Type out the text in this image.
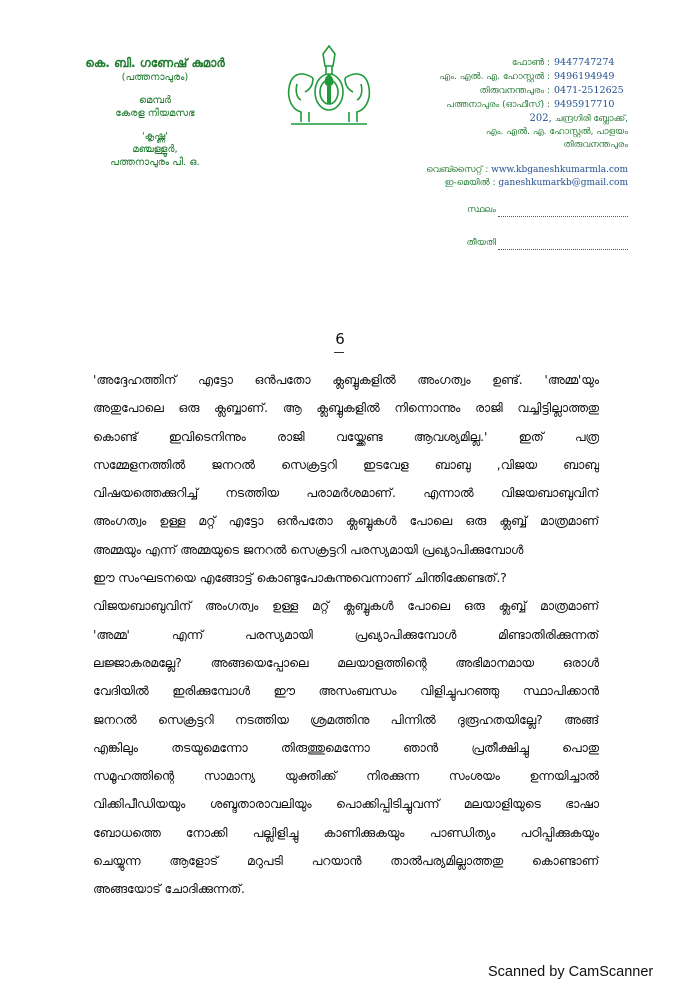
കെ. ബി. ഗണേഷ് കുമാർ
(പത്തനാപുരം)
മെമ്പർ
കേരള നിയമസഭ
'കൃഷ്ണ'
മഞ്ചള്ളൂർ,
പത്തനാപുരം പി. ഒ.
ഫോൺ : 9447747274
എം. എൽ. എ. ഹോസ്റ്റൽ : 9496194949
തിരുവനന്തപുരം : 0471-2512625
പത്തനാപുരം (ഓഫീസ്) : 9495917710
202, ചന്ദ്രഗിരി ബ്ലോക്ക്,
എം. എൽ. എ. ഹോസ്റ്റൽ, പാളയം
തിരുവനന്തപുരം
വെബ്സൈറ്റ് : www.kbganeshkumarmla.com
ഇ-മെയിൽ : ganeshkumarkb@gmail.com
സ്ഥലം
തീയതി
6
'അദ്ദേഹത്തിന് എട്ടോ ഒൻപതോ ക്ലബ്ബുകളിൽ അംഗത്വം ഉണ്ട്. 'അമ്മ'യും
അതുപോലെ ഒരു ക്ലബ്ബാണ്. ആ ക്ലബ്ബുകളിൽ നിന്നൊന്നും രാജി വച്ചിട്ടില്ലാത്തതു
കൊണ്ട് ഇവിടെനിന്നും രാജി വയ്ക്കേണ്ട ആവശ്യമില്ല.' ഇത് പത്ര
സമ്മേളനത്തിൽ ജനറൽ സെക്രട്ടറി ഇടവേള ബാബു ,വിജയ ബാബു
വിഷയത്തെക്കുറിച്ച് നടത്തിയ പരാമർശമാണ്. എന്നാൽ വിജയബാബുവിന്
അംഗത്വം ഉള്ള മറ്റ് എട്ടോ ഒൻപതോ ക്ലബ്ബുകൾ പോലെ ഒരു ക്ലബ്ബ് മാത്രമാണ്
അമ്മയും എന്ന് അമ്മയുടെ ജനറൽ സെക്രട്ടറി പരസ്യമായി പ്രഖ്യാപിക്കുമ്പോൾ
ഈ സംഘടനയെ എങ്ങോട്ട് കൊണ്ടുപോകുന്നുവെന്നാണ് ചിന്തിക്കേണ്ടത്.?
വിജയബാബുവിന് അംഗത്വം ഉള്ള മറ്റ് ക്ലബ്ബുകൾ പോലെ ഒരു ക്ലബ്ബ് മാത്രമാണ്
'അമ്മ' എന്ന് പരസ്യമായി പ്രഖ്യാപിക്കുമ്പോൾ മിണ്ടാതിരിക്കുന്നത്
ലജ്ജാകരമല്ലേ? അങ്ങയെപ്പോലെ മലയാളത്തിന്റെ അഭിമാനമായ ഒരാൾ
വേദിയിൽ ഇരിക്കുമ്പോൾ ഈ അസംബന്ധം വിളിച്ചുപറഞ്ഞു സ്ഥാപിക്കാൻ
ജനറൽ സെക്രട്ടറി നടത്തിയ ശ്രമത്തിനു പിന്നിൽ ദുരൂഹതയില്ലേ? അങ്ങ്
എങ്കിലും തടയുമെന്നോ തിരുത്തുമെന്നോ ഞാൻ പ്രതീക്ഷിച്ചു പൊതു
സമൂഹത്തിന്റെ സാമാന്യ യുക്തിക്ക് നിരക്കുന്ന സംശയം ഉന്നയിച്ചാൽ
വിക്കിപീഡിയയും ശബ്ദതാരാവലിയും പൊക്കിപ്പിടിച്ചുവന്ന് മലയാളിയുടെ ഭാഷാ
ബോധത്തെ നോക്കി പല്ലിളിച്ചു കാണിക്കുകയും പാണ്ഡിത്യം പഠിപ്പിക്കുകയും
ചെയ്യുന്ന ആളോട് മറുപടി പറയാൻ താൽപര്യമില്ലാത്തതു കൊണ്ടാണ്
അങ്ങയോട് ചോദിക്കുന്നത്.
Scanned by CamScanner
